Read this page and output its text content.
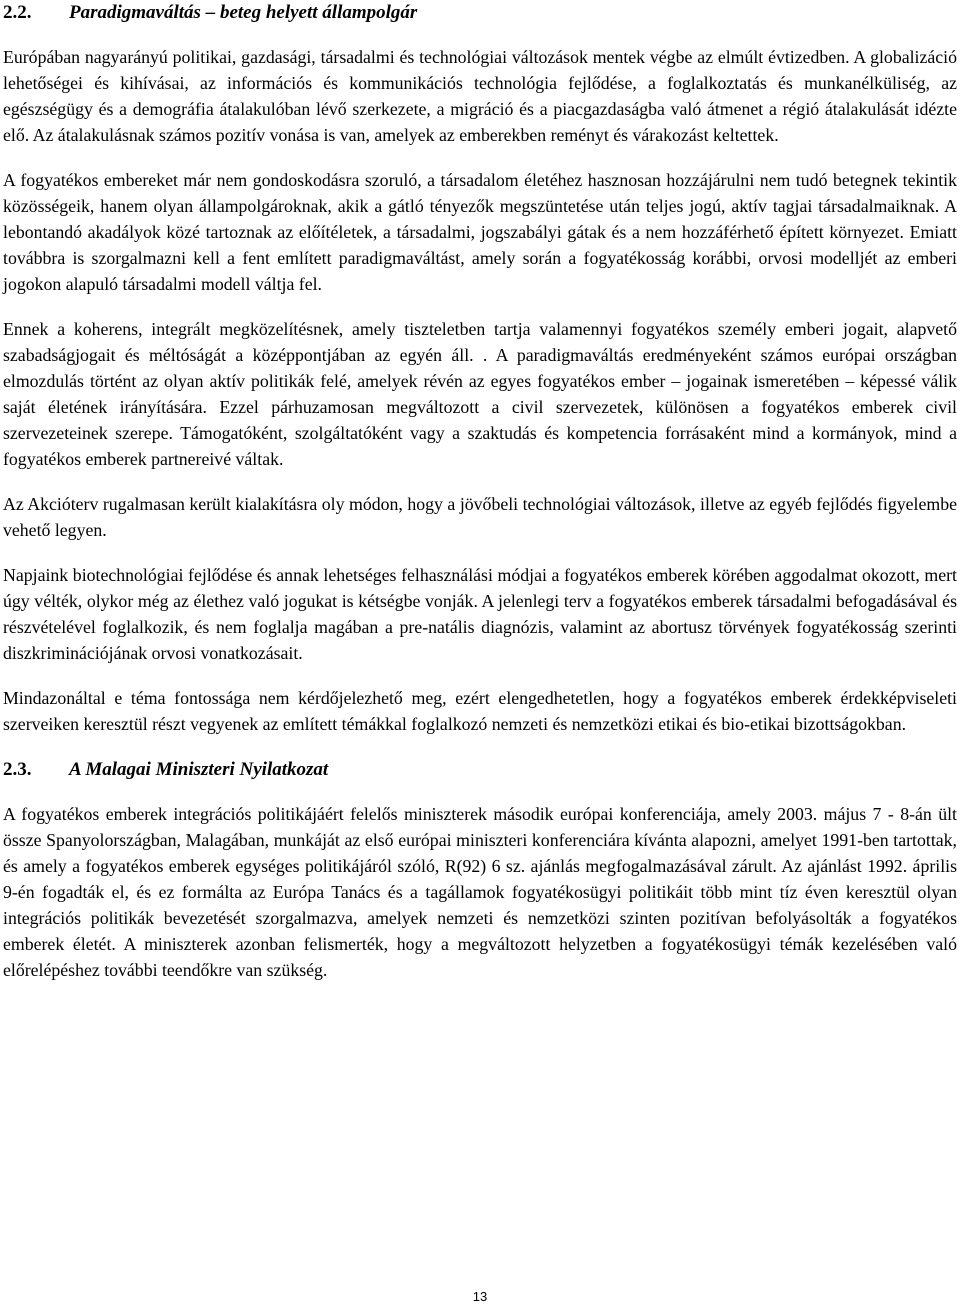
2.2.	Paradigmaváltás – beteg helyett állampolgár

Európában nagyarányú politikai, gazdasági, társadalmi és technológiai változások mentek végbe az elmúlt évtizedben. A globalizáció lehetőségei és kihívásai, az információs és kommunikációs technológia fejlődése, a foglalkoztatás és munkanélküliség, az egészségügy és a demográfia átalakulóban lévő szerkezete, a migráció és a piacgazdaságba való átmenet a régió átalakulását idézte elő. Az átalakulásnak számos pozitív vonása is van, amelyek az emberekben reményt és várakozást keltettek.

A fogyatékos embereket már nem gondoskodásra szoruló, a társadalom életéhez hasznosan hozzájárulni nem tudó betegnek tekintik közösségeik, hanem olyan állampolgároknak, akik a gátló tényezők megszüntetése után teljes jogú, aktív tagjai társadalmaiknak. A lebontandó akadályok közé tartoznak az előítéletek, a társadalmi, jogszabályi gátak és a nem hozzáférhető épített környezet. Emiatt továbbra is szorgalmazni kell a fent említett paradigmaváltást, amely során a fogyatékosság korábbi, orvosi modelljét az emberi jogokon alapuló társadalmi modell váltja fel.

Ennek a koherens, integrált megközelítésnek, amely tiszteletben tartja valamennyi fogyatékos személy emberi jogait, alapvető szabadságjogait és méltóságát a középpontjában az egyén áll. . A paradigmaváltás eredményeként számos európai országban elmozdulás történt az olyan aktív politikák felé, amelyek révén az egyes fogyatékos ember – jogainak ismeretében – képessé válik saját életének irányítására. Ezzel párhuzamosan megváltozott a civil szervezetek, különösen a fogyatékos emberek civil szervezeteinek szerepe. Támogatóként, szolgáltatóként vagy a szaktudás és kompetencia forrásaként mind a kormányok, mind a fogyatékos emberek partnereivé váltak.

Az Akcióterv rugalmasan került kialakításra oly módon, hogy a jövőbeli technológiai változások, illetve az egyéb fejlődés figyelembe vehető legyen.

Napjaink biotechnológiai fejlődése és annak lehetséges felhasználási módjai a fogyatékos emberek körében aggodalmat okozott, mert úgy vélték, olykor még az élethez való jogukat is kétségbe vonják. A jelenlegi terv a fogyatékos emberek társadalmi befogadásával és részvételével foglalkozik, és nem foglalja magában a pre-natális diagnózis, valamint az abortusz törvények fogyatékosság szerinti diszkriminációjának orvosi vonatkozásait.

Mindazonáltal e téma fontossága nem kérdőjelezhető meg, ezért elengedhetetlen, hogy a fogyatékos emberek érdekképviseleti szerveiken keresztül részt vegyenek az említett témákkal foglalkozó nemzeti és nemzetközi etikai és bio-etikai bizottságokban.

2.3.	A Malagai Miniszteri Nyilatkozat

A fogyatékos emberek integrációs politikájáért felelős miniszterek második európai konferenciája, amely 2003. május 7 - 8-án ült össze Spanyolországban, Malagában, munkáját az első európai miniszteri konferenciára kívánta alapozni, amelyet 1991-ben tartottak, és amely a fogyatékos emberek egységes politikájáról szóló, R(92) 6 sz. ajánlás megfogalmazásával zárult. Az ajánlást 1992. április 9-én fogadták el, és ez formálta az Európa Tanács és a tagállamok fogyatékosügyi politikáit több mint tíz éven keresztül olyan integrációs politikák bevezetését szorgalmazva, amelyek nemzeti és nemzetközi szinten pozitívan befolyásolták a fogyatékos emberek életét. A miniszterek azonban felismerték, hogy a megváltozott helyzetben a fogyatékosügyi témák kezelésében való előrelépéshez további teendőkre van szükség.

13
